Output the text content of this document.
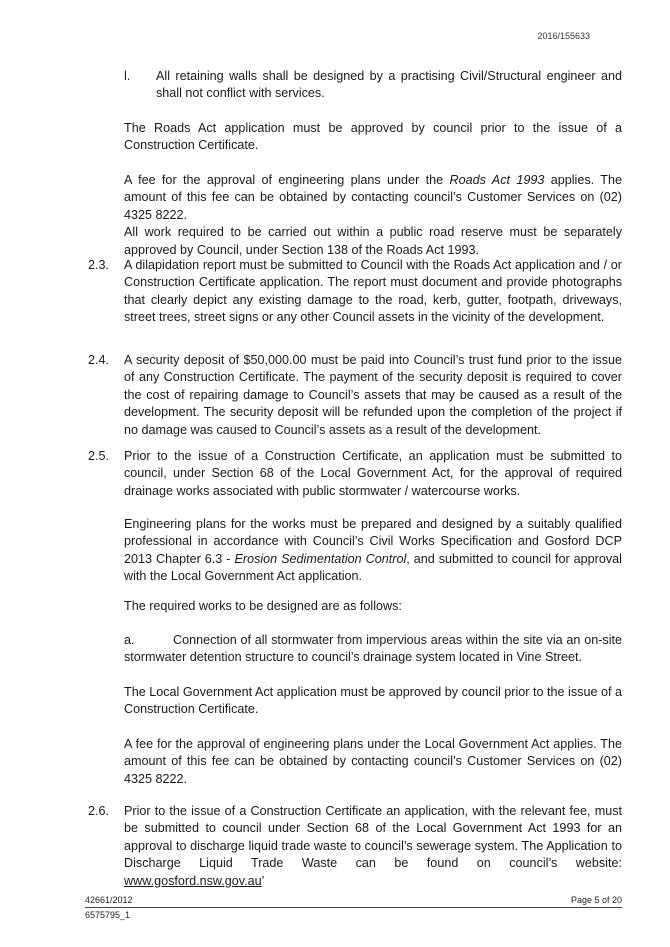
2016/155633
l. All retaining walls shall be designed by a practising Civil/Structural engineer and shall not conflict with services.
The Roads Act application must be approved by council prior to the issue of a Construction Certificate.
A fee for the approval of engineering plans under the Roads Act 1993 applies. The amount of this fee can be obtained by contacting council’s Customer Services on (02) 4325 8222.
All work required to be carried out within a public road reserve must be separately approved by Council, under Section 138 of the Roads Act 1993.
2.3. A dilapidation report must be submitted to Council with the Roads Act application and / or Construction Certificate application. The report must document and provide photographs that clearly depict any existing damage to the road, kerb, gutter, footpath, driveways, street trees, street signs or any other Council assets in the vicinity of the development.
2.4. A security deposit of $50,000.00 must be paid into Council’s trust fund prior to the issue of any Construction Certificate. The payment of the security deposit is required to cover the cost of repairing damage to Council’s assets that may be caused as a result of the development. The security deposit will be refunded upon the completion of the project if no damage was caused to Council’s assets as a result of the development.
2.5. Prior to the issue of a Construction Certificate, an application must be submitted to council, under Section 68 of the Local Government Act, for the approval of required drainage works associated with public stormwater / watercourse works.
Engineering plans for the works must be prepared and designed by a suitably qualified professional in accordance with Council’s Civil Works Specification and Gosford DCP 2013 Chapter 6.3 - Erosion Sedimentation Control, and submitted to council for approval with the Local Government Act application.
The required works to be designed are as follows:
a.	Connection of all stormwater from impervious areas within the site via an on-site stormwater detention structure to council’s drainage system located in Vine Street.
The Local Government Act application must be approved by council prior to the issue of a Construction Certificate.
A fee for the approval of engineering plans under the Local Government Act applies. The amount of this fee can be obtained by contacting council’s Customer Services on (02) 4325 8222.
2.6. Prior to the issue of a Construction Certificate an application, with the relevant fee, must be submitted to council under Section 68 of the Local Government Act 1993 for an approval to discharge liquid trade waste to council’s sewerage system. The Application to Discharge Liquid Trade Waste can be found on council’s website: www.gosford.nsw.gov.au’
42661/2012	Page 5 of 20
6575795_1
